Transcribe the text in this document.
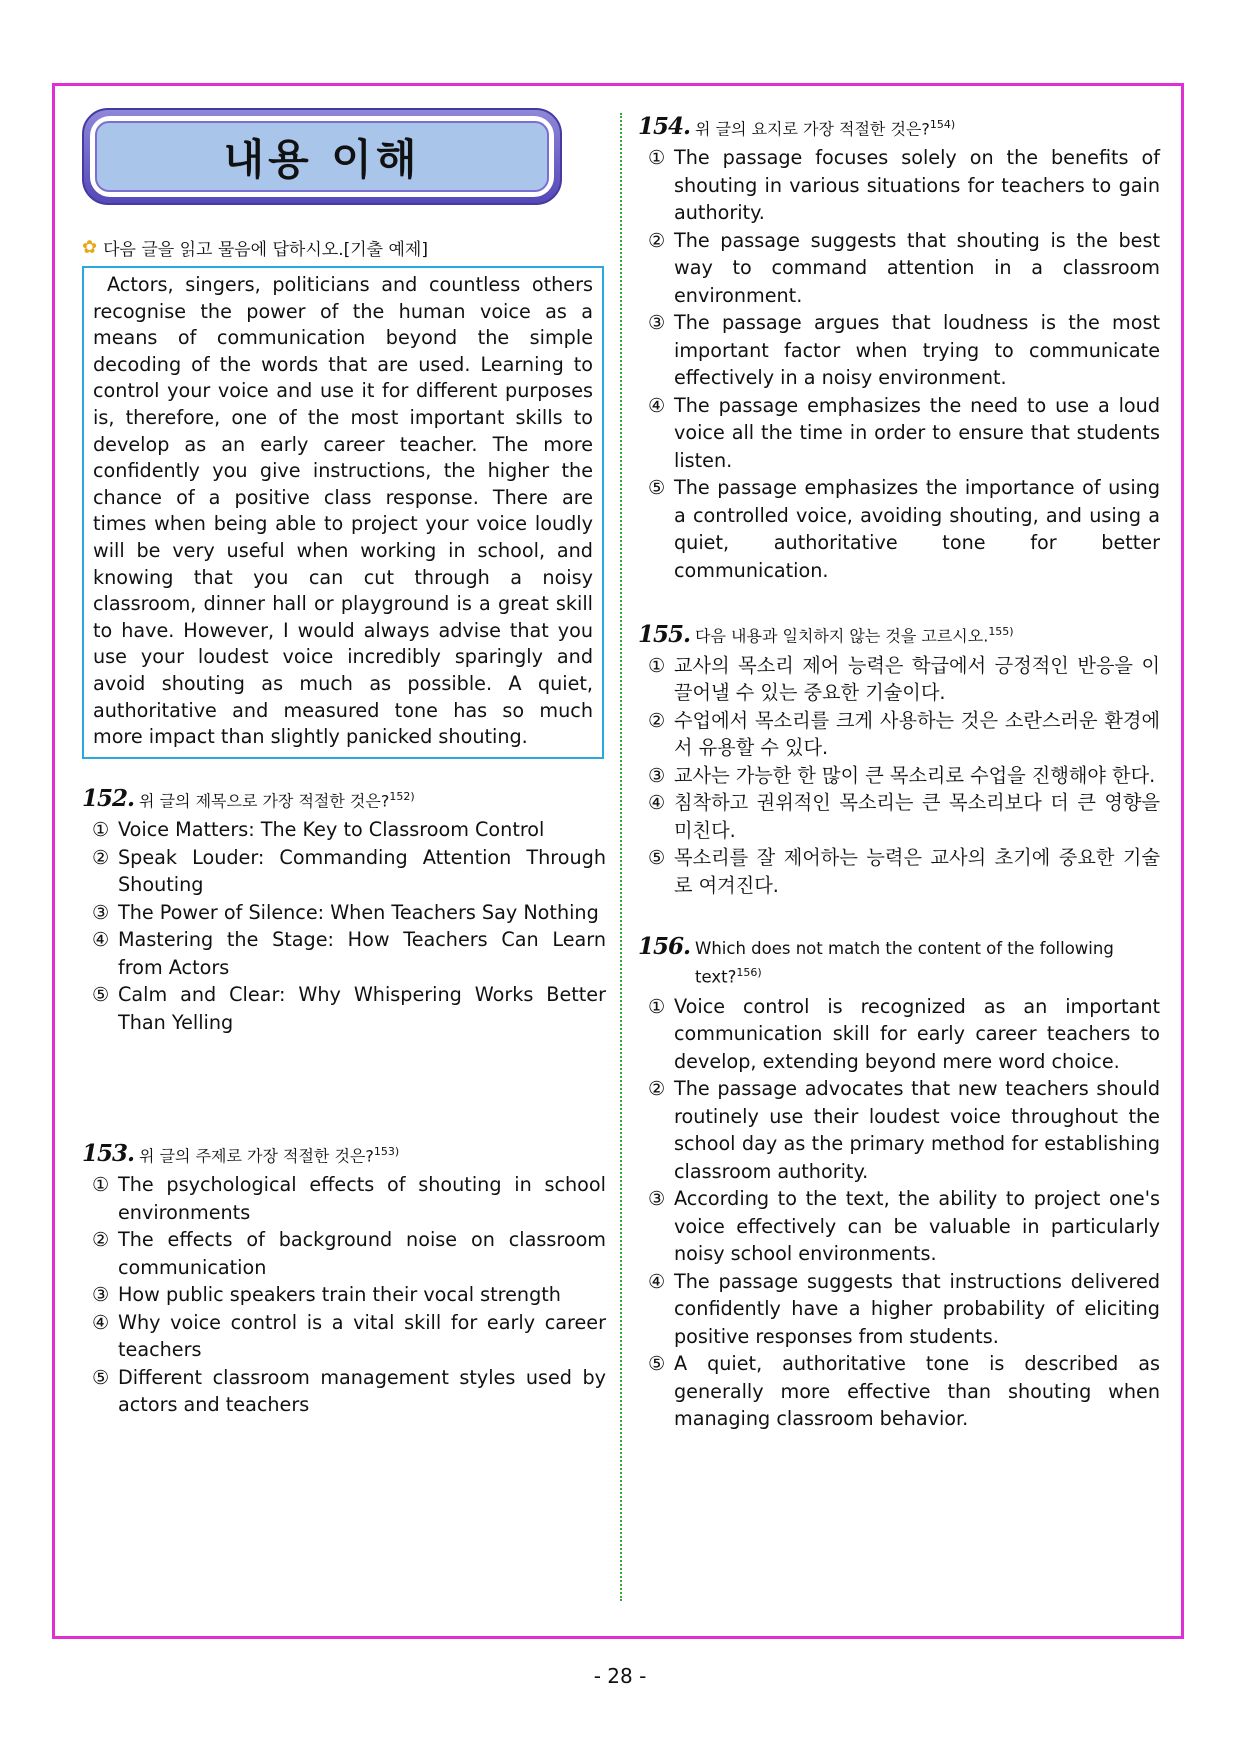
내용 이해
✿ 다음 글을 읽고 물음에 답하시오.[기출 예제]

Actors, singers, politicians and countless others recognise the power of the human voice as a means of communication beyond the simple decoding of the words that are used. Learning to control your voice and use it for different purposes is, therefore, one of the most important skills to develop as an early career teacher. The more confidently you give instructions, the higher the chance of a positive class response. There are times when being able to project your voice loudly will be very useful when working in school, and knowing that you can cut through a noisy classroom, dinner hall or playground is a great skill to have. However, I would always advise that you use your loudest voice incredibly sparingly and avoid shouting as much as possible. A quiet, authoritative and measured tone has so much more impact than slightly panicked shouting.

152. 위 글의 제목으로 가장 적절한 것은?$^{152)}$
① Voice Matters: The Key to Classroom Control
② Speak Louder: Commanding Attention Through Shouting
③ The Power of Silence: When Teachers Say Nothing
④ Mastering the Stage: How Teachers Can Learn from Actors
⑤ Calm and Clear: Why Whispering Works Better Than Yelling
153. 위 글의 주제로 가장 적절한 것은?$^{153)}$
① The psychological effects of shouting in school environments
② The effects of background noise on classroom communication
③ How public speakers train their vocal strength
④ Why voice control is a vital skill for early career teachers
⑤ Different classroom management styles used by actors and teachers
154. 위 글의 요지로 가장 적절한 것은?$^{154)}$
① The passage focuses solely on the benefits of shouting in various situations for teachers to gain authority.
② The passage suggests that shouting is the best way to command attention in a classroom environment.
③ The passage argues that loudness is the most important factor when trying to communicate effectively in a noisy environment.
④ The passage emphasizes the need to use a loud voice all the time in order to ensure that students listen.
⑤ The passage emphasizes the importance of using a controlled voice, avoiding shouting, and using a quiet, authoritative tone for better communication.
155. 다음 내용과 일치하지 않는 것을 고르시오.$^{155)}$
① 교사의 목소리 제어 능력은 학급에서 긍정적인 반응을 이끌어낼 수 있는 중요한 기술이다.
② 수업에서 목소리를 크게 사용하는 것은 소란스러운 환경에서 유용할 수 있다.
③ 교사는 가능한 한 많이 큰 목소리로 수업을 진행해야 한다.
④ 침착하고 권위적인 목소리는 큰 목소리보다 더 큰 영향을 미친다.
⑤ 목소리를 잘 제어하는 능력은 교사의 초기에 중요한 기술로 여겨진다.
156. Which does not match the content of the following text?$^{156)}$
① Voice control is recognized as an important communication skill for early career teachers to develop, extending beyond mere word choice.
② The passage advocates that new teachers should routinely use their loudest voice throughout the school day as the primary method for establishing classroom authority.
③ According to the text, the ability to project one's voice effectively can be valuable in particularly noisy school environments.
④ The passage suggests that instructions delivered confidently have a higher probability of eliciting positive responses from students.
⑤ A quiet, authoritative tone is described as generally more effective than shouting when managing classroom behavior.
- 28 -
